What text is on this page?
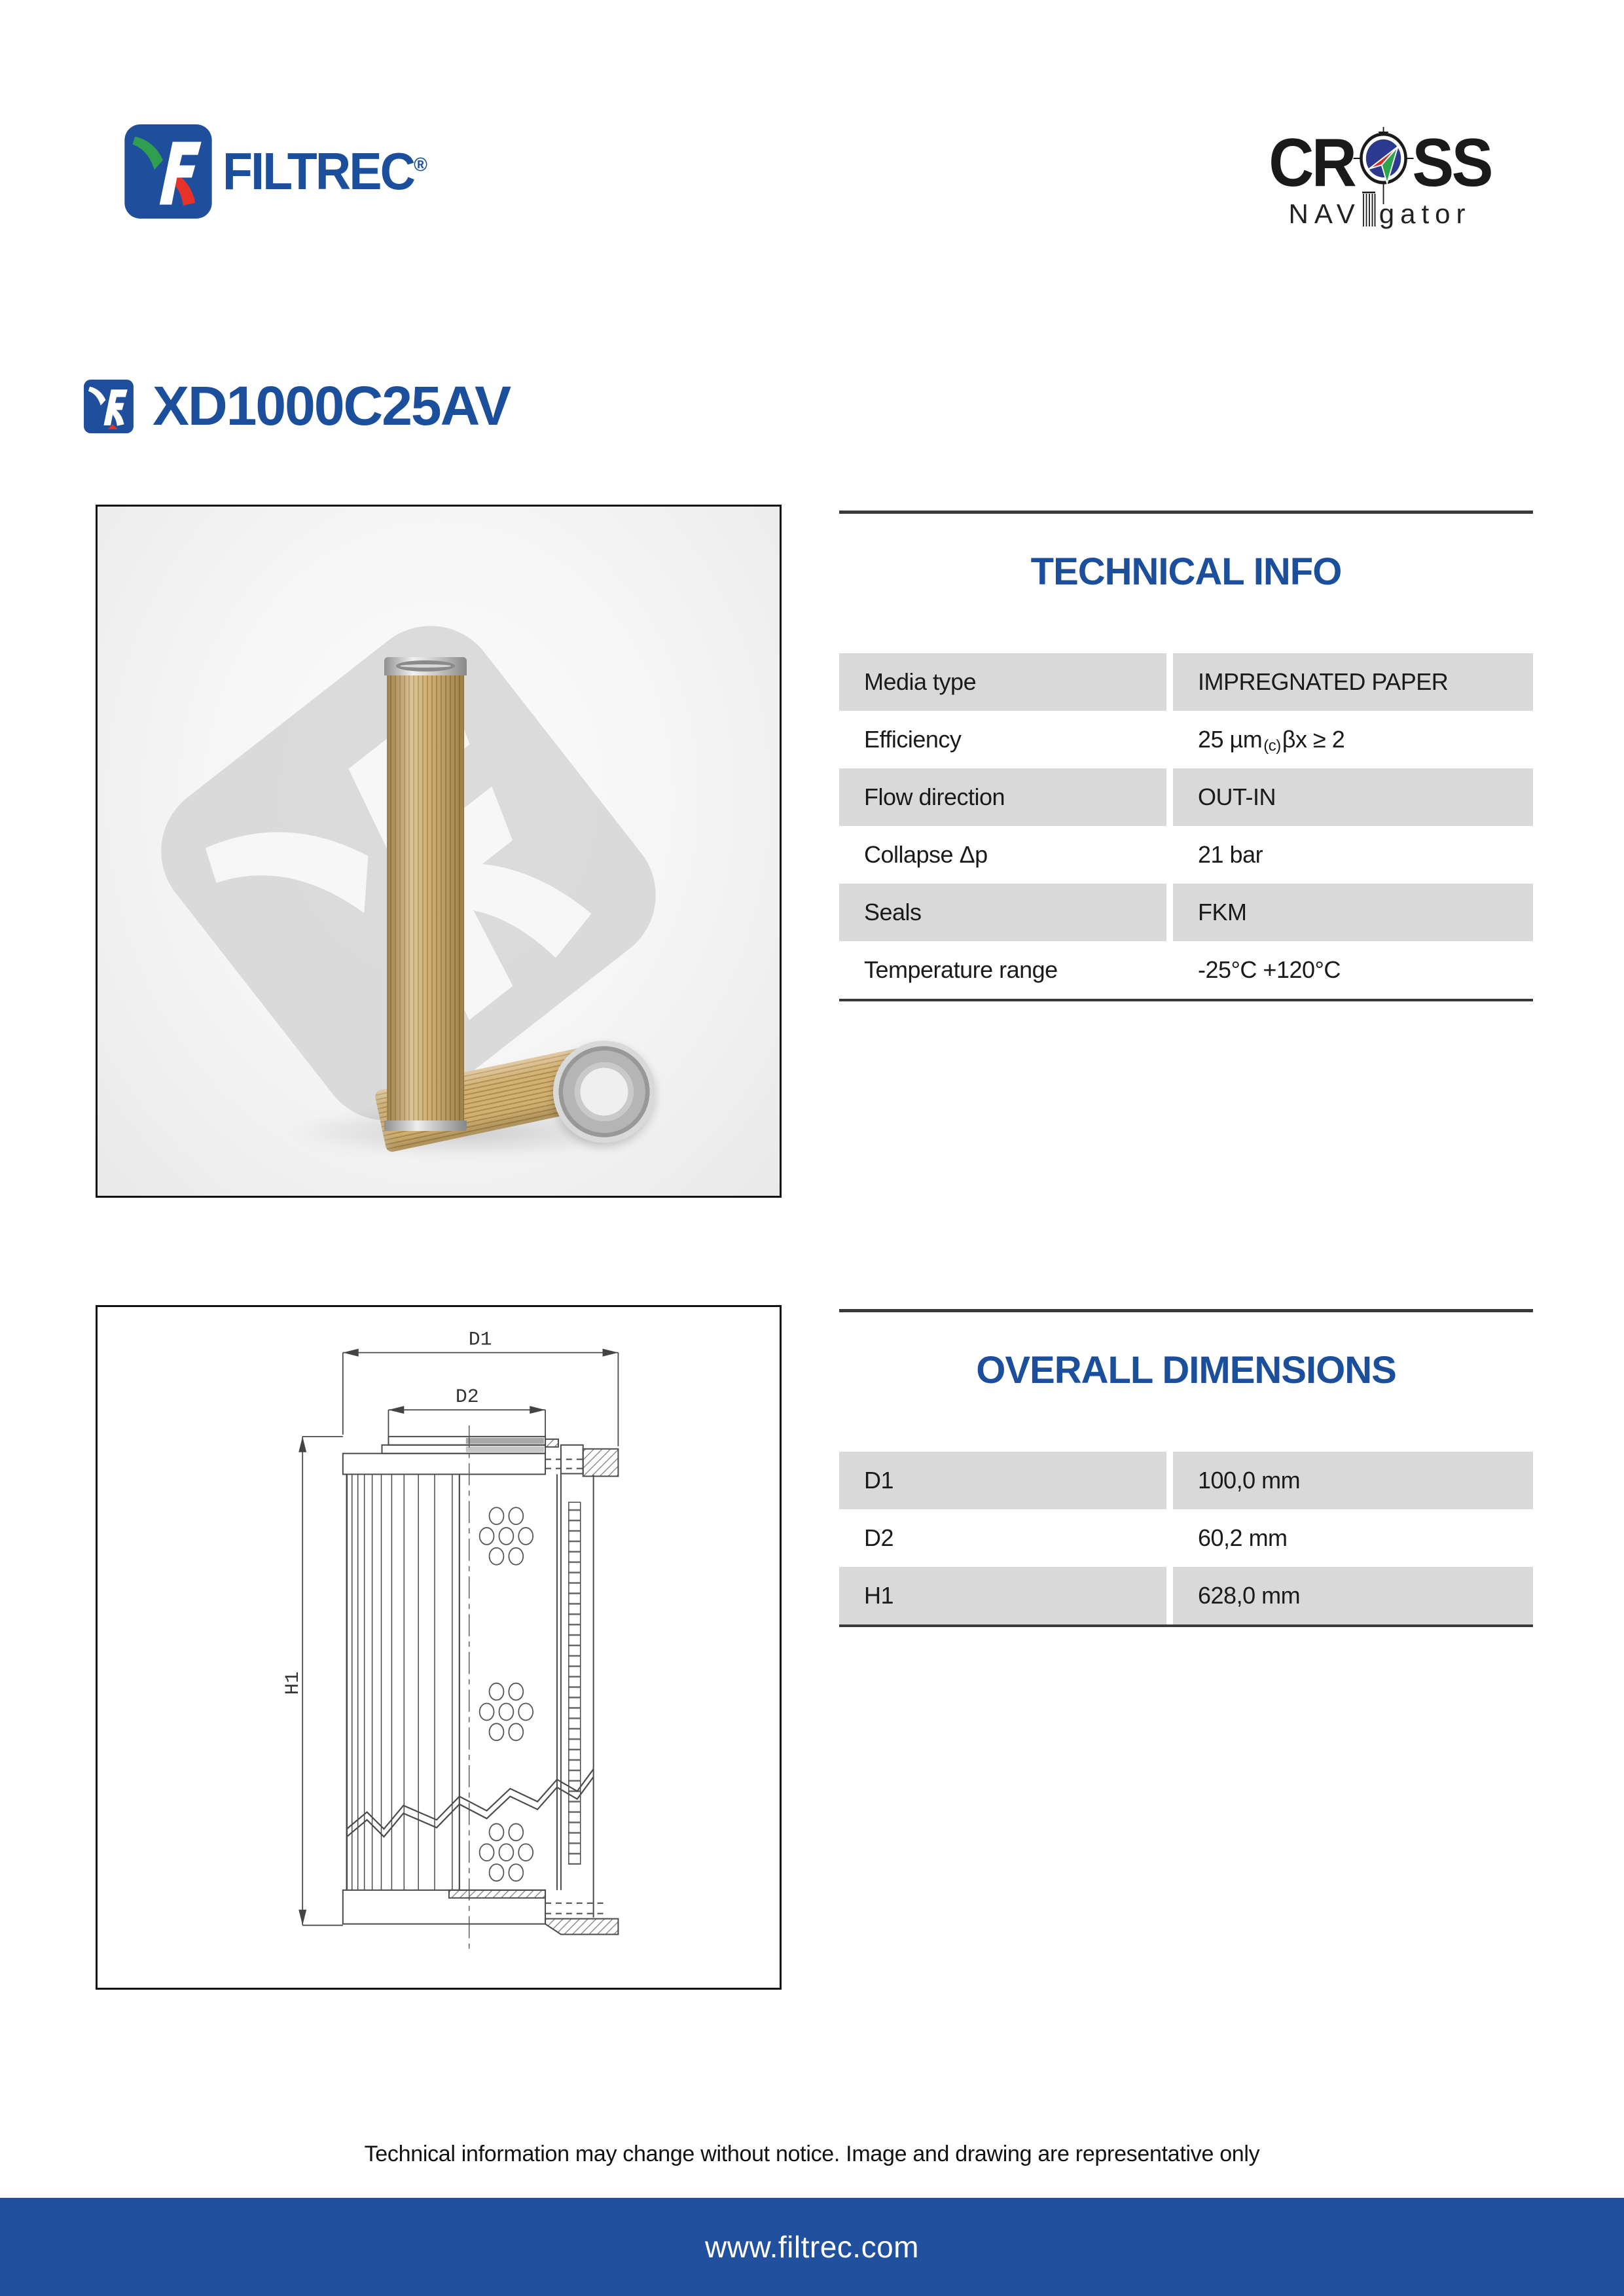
FILTREC®	CR SS
NAV gator
XD1000C25AV
TECHNICAL INFO
Media type	IMPREGNATED PAPER
Efficiency	25 µm$_{(c)}$ βx ≥ 2
Flow direction	OUT-IN
Collapse Δp	21 bar
Seals	FKM
Temperature range	-25°C +120°C
D1
D2
H1
OVERALL DIMENSIONS
D1	100,0 mm
D2	60,2 mm
H1	628,0 mm
Technical information may change without notice. Image and drawing are representative only
www.filtrec.com
